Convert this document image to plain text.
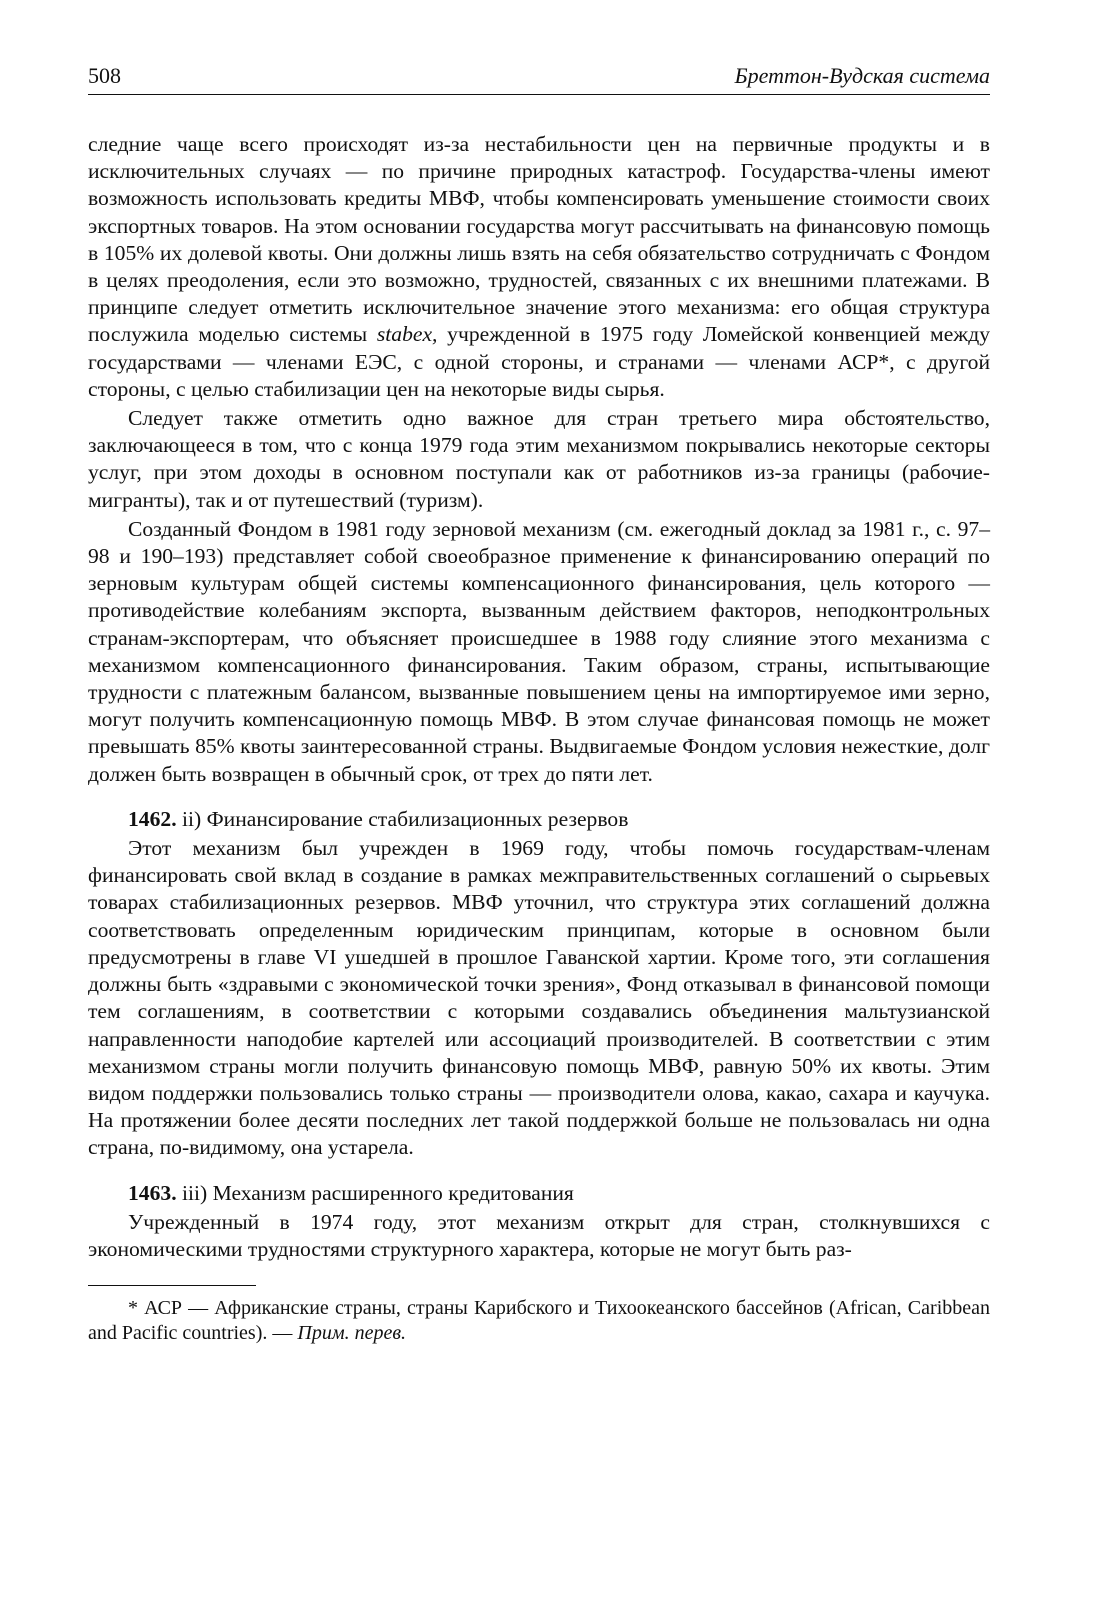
508	Бреттон-Вудская система

следние чаще всего происходят из-за нестабильности цен на первичные продукты и в исключительных случаях — по причине природных катастроф. Государства-члены имеют возможность использовать кредиты МВФ, чтобы компенсировать уменьшение стоимости своих экспортных товаров. На этом основании государства могут рассчитывать на финансовую помощь в 105% их долевой квоты. Они должны лишь взять на себя обязательство сотрудничать с Фондом в целях преодоления, если это возможно, трудностей, связанных с их внешними платежами. В принципе следует отметить исключительное значение этого механизма: его общая структура послужила моделью системы stabex, учрежденной в 1975 году Ломейской конвенцией между государствами — членами ЕЭС, с одной стороны, и странами — членами АСР*, с другой стороны, с целью стабилизации цен на некоторые виды сырья.

Следует также отметить одно важное для стран третьего мира обстоятельство, заключающееся в том, что с конца 1979 года этим механизмом покрывались некоторые секторы услуг, при этом доходы в основном поступали как от работников из-за границы (рабочие-мигранты), так и от путешествий (туризм).

Созданный Фондом в 1981 году зерновой механизм (см. ежегодный доклад за 1981 г., с. 97–98 и 190–193) представляет собой своеобразное применение к финансированию операций по зерновым культурам общей системы компенсационного финансирования, цель которого — противодействие колебаниям экспорта, вызванным действием факторов, неподконтрольных странам-экспортерам, что объясняет происшедшее в 1988 году слияние этого механизма с механизмом компенсационного финансирования. Таким образом, страны, испытывающие трудности с платежным балансом, вызванные повышением цены на импортируемое ими зерно, могут получить компенсационную помощь МВФ. В этом случае финансовая помощь не может превышать 85% квоты заинтересованной страны. Выдвигаемые Фондом условия нежесткие, долг должен быть возвращен в обычный срок, от трех до пяти лет.

1462. ii) Финансирование стабилизационных резервов

Этот механизм был учрежден в 1969 году, чтобы помочь государствам-членам финансировать свой вклад в создание в рамках межправительственных соглашений о сырьевых товарах стабилизационных резервов. МВФ уточнил, что структура этих соглашений должна соответствовать определенным юридическим принципам, которые в основном были предусмотрены в главе VI ушедшей в прошлое Гаванской хартии. Кроме того, эти соглашения должны быть «здравыми с экономической точки зрения», Фонд отказывал в финансовой помощи тем соглашениям, в соответствии с которыми создавались объединения мальтузианской направленности наподобие картелей или ассоциаций производителей. В соответствии с этим механизмом страны могли получить финансовую помощь МВФ, равную 50% их квоты. Этим видом поддержки пользовались только страны — производители олова, какао, сахара и каучука. На протяжении более десяти последних лет такой поддержкой больше не пользовалась ни одна страна, по-видимому, она устарела.

1463. iii) Механизм расширенного кредитования

Учрежденный в 1974 году, этот механизм открыт для стран, столкнувшихся с экономическими трудностями структурного характера, которые не могут быть раз-

* АСР — Африканские страны, страны Карибского и Тихоокеанского бассейнов (African, Caribbean and Pacific countries). — Прим. перев.
